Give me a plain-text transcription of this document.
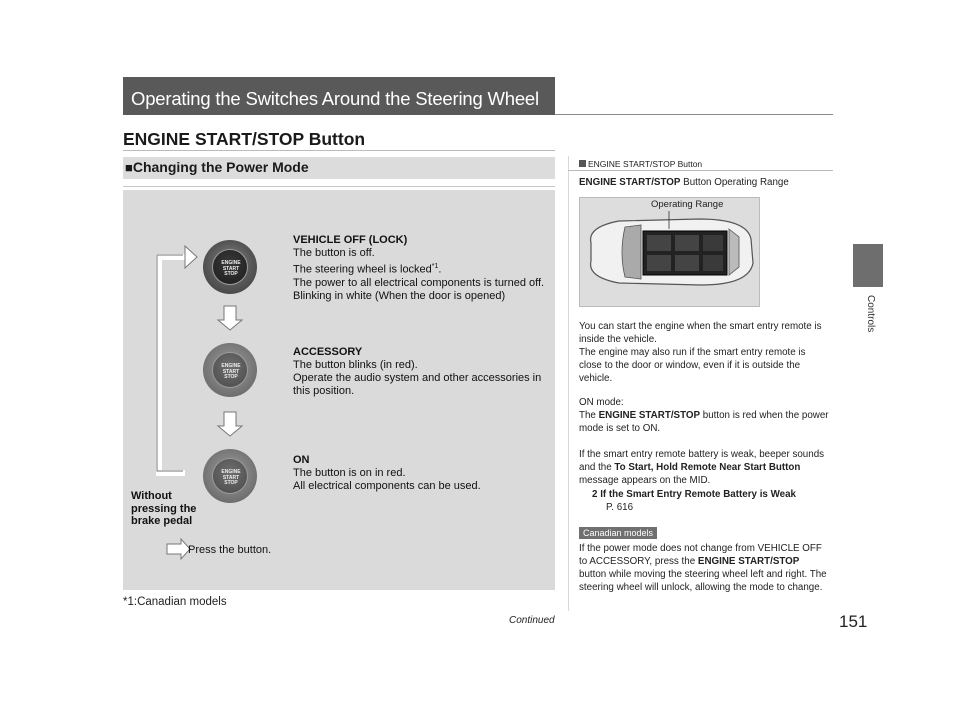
Operating the Switches Around the Steering Wheel
ENGINE START/STOP Button
■Changing the Power Mode
ENGINE
START
STOP
ENGINE
START
STOP
ENGINE
START
STOP
VEHICLE OFF (LOCK)
The button is off.
The steering wheel is locked$^{*1}$.
The power to all electrical components is turned off.
Blinking in white (When the door is opened)
ACCESSORY
The button blinks (in red).
Operate the audio system and other accessories in this position.
ON
The button is on in red.
All electrical components can be used.
Without pressing the brake pedal
Press the button.
*1:Canadian models
Continued	151
Controls
ENGINE START/STOP Button
ENGINE START/STOP Button Operating Range
Operating Range
You can start the engine when the smart entry remote is inside the vehicle.
The engine may also run if the smart entry remote is close to the door or window, even if it is outside the vehicle.
ON mode:
The ENGINE START/STOP button is red when the power mode is set to ON.
If the smart entry remote battery is weak, beeper sounds and the To Start, Hold Remote Near Start Button message appears on the MID.
2 If the Smart Entry Remote Battery is Weak
P. 616
Canadian models
If the power mode does not change from VEHICLE OFF to ACCESSORY, press the ENGINE START/STOP button while moving the steering wheel left and right. The steering wheel will unlock, allowing the mode to change.
